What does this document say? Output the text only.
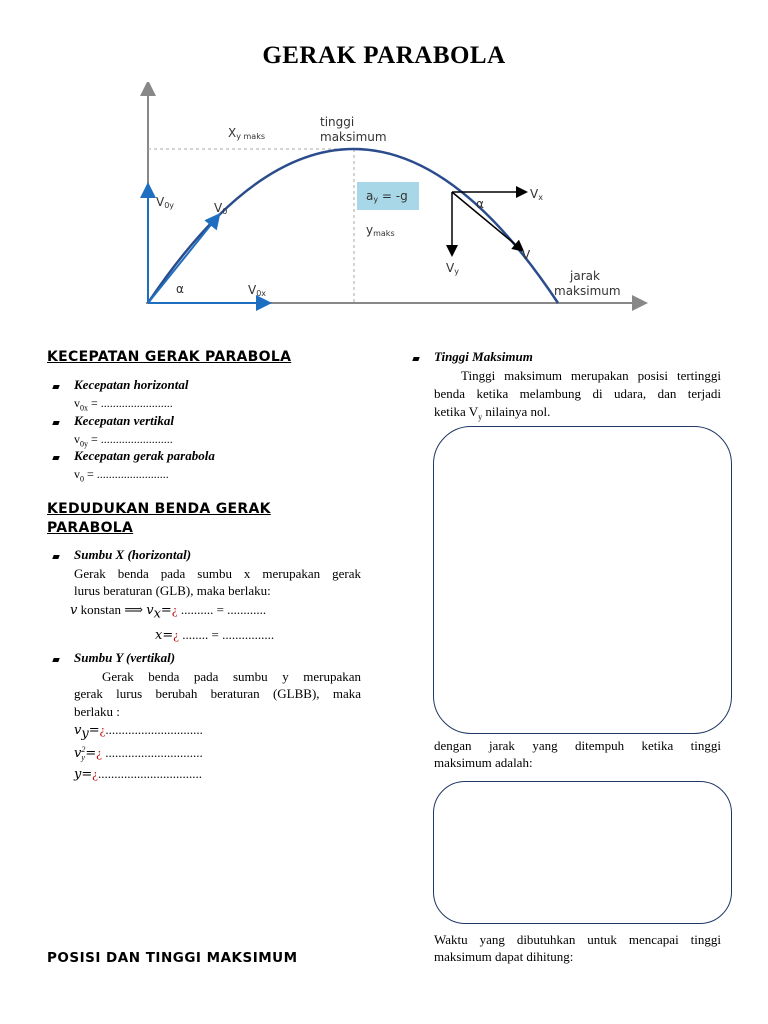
GERAK PARABOLA
Xy maks
tinggi
maksimum
V0y	V0
α	V0x
ay = -g
ymaks
Vx
α
V
Vy	jarak
maksimum
KECEPATAN GERAK PARABOLA
Kecepatan horizontal
$v_{0x}$ = ........................
Kecepatan vertikal
$v_{0y}$ = ........................
Kecepatan gerak parabola
$v_0$ = ........................
KEDUDUKAN BENDA GERAK
PARABOLA
Sumbu X (horizontal)
Gerak benda pada sumbu x merupakan gerak
lurus beraturan (GLB), maka berlaku:
v konstan ⟹ $v_x=¿$ .......... = ............
x=¿ ........ = ................
Sumbu Y (vertikal)
Gerak benda pada sumbu y merupakan
gerak lurus berubah beraturan (GLBB), maka
berlaku :
$v_y=¿$..............................
v 2
y =¿ ..............................
y=¿................................
POSISI DAN TINGGI MAKSIMUM
Tinggi Maksimum
Tinggi maksimum merupakan posisi tertinggi
benda ketika melambung di udara, dan terjadi
ketika $V_y$ nilainya nol.
dengan jarak yang ditempuh ketika tinggi
maksimum adalah:
Waktu yang dibutuhkan untuk mencapai tinggi
maksimum dapat dihitung:
